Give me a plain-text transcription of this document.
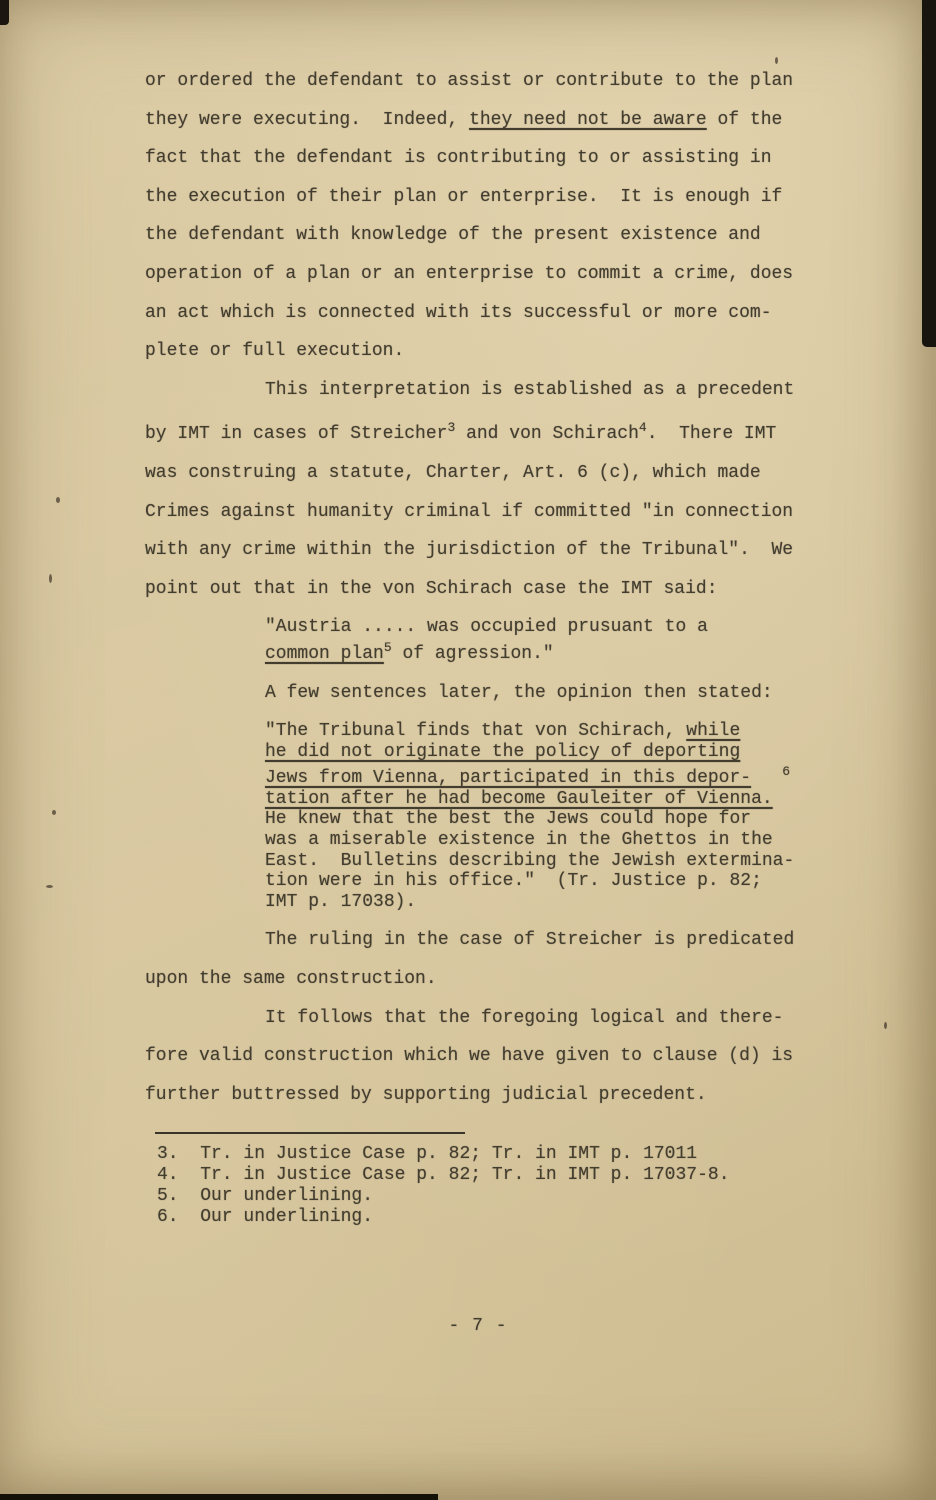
or ordered the defendant to assist or contribute to the plan
they were executing.  Indeed, they need not be aware of the
fact that the defendant is contributing to or assisting in
the execution of their plan or enterprise.  It is enough if
the defendant with knowledge of the present existence and
operation of a plan or an enterprise to commit a crime, does
an act which is connected with its successful or more com-
plete or full execution.
This interpretation is established as a precedent
by IMT in cases of Streicher$^3$ and von Schirach$^4$.  There IMT
was construing a statute, Charter, Art. 6 (c), which made
Crimes against humanity criminal if committed "in connection
with any crime within the jurisdiction of the Tribunal".  We
point out that in the von Schirach case the IMT said:
"Austria ..... was occupied prusuant to a
common plan$^5$ of agression."
A few sentences later, the opinion then stated:
"The Tribunal finds that von Schirach, while
he did not originate the policy of deporting
Jews from Vienna, participated in this depor-    $^6$
tation after he had become Gauleiter of Vienna.
He knew that the best the Jews could hope for
was a miserable existence in the Ghettos in the
East.  Bulletins describing the Jewish extermina-
tion were in his office."  (Tr. Justice p. 82;
IMT p. 17038).
The ruling in the case of Streicher is predicated
upon the same construction.
It follows that the foregoing logical and there-
fore valid construction which we have given to clause (d) is
further buttressed by supporting judicial precedent.
3.  Tr. in Justice Case p. 82; Tr. in IMT p. 17011
4.  Tr. in Justice Case p. 82; Tr. in IMT p. 17037-8.
5.  Our underlining.
6.  Our underlining.
- 7 -
